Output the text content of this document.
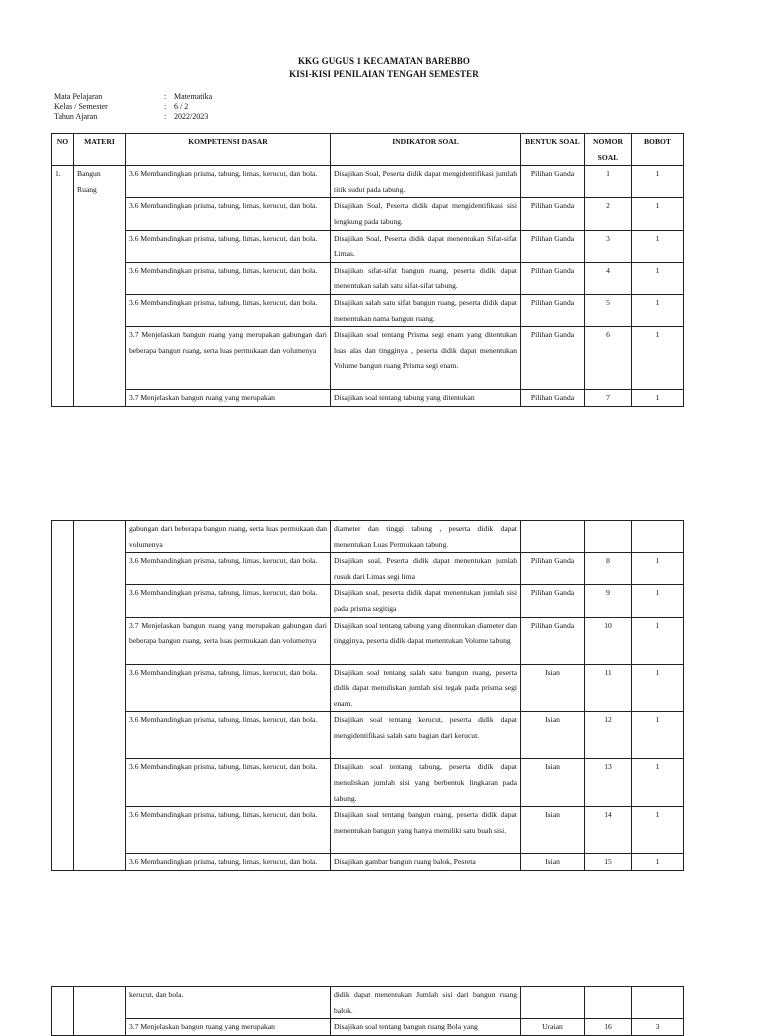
KKG GUGUS 1 KECAMATAN BAREBBO
KISI-KISI PENILAIAN TENGAH SEMESTER
Mata Pelajaran	: Matematika
Kelas / Semester	: 6 / 2
Tahun Ajaran	: 2022/2023
NO	MATERI	KOMPETENSI DASAR	INDIKATOR SOAL	BENTUK SOAL	NOMOR SOAL	BOBOT
1.	Bangun Ruang	3.6 Membandingkan prisma, tabung, limas, kerucut, dan bola.	Disajikan Soal, Peserta didik dapat mengidentifikasi jumlah titik sudut pada tabung.	Pilihan Ganda	1	1
		3.6 Membandingkan prisma, tabung, limas, kerucut, dan bola.	Disajikan Soal, Peserta didik dapat mengidentifikasi sisi lengkung pada tabung.	Pilihan Ganda	2	1
		3.6 Membandingkan prisma, tabung, limas, kerucut, dan bola.	Disajikan Soal, Peserta didik dapat menentukan Sifat-sifat Limas.	Pilihan Ganda	3	1
		3.6 Membandingkan prisma, tabung, limas, kerucut, dan bola.	Disajikan sifat-sifat bangun ruang, peserta didik dapat menentukan salah satu sifat-sifat tabung.	Pilihan Ganda	4	1
		3.6 Membandingkan prisma, tabung, limas, kerucut, dan bola.	Disajikan salah satu sifat bangun ruang, peserta didik dapat menentukan nama bangun ruang.	Pilihan Ganda	5	1
		3.7 Menjelaskan bangun ruang yang merupakan gabungan dari beberapa bangun ruang, serta luas permukaan dan volumenya	Disajikan soal tentang Prisma segi enam yang ditentukan luas alas dan tingginya , peserta didik dapat menentukan Volume bangun ruang Prisma segi enam.	Pilihan Ganda	6	1
		3.7 Menjelaskan bangun ruang yang merupakan	Disajikan soal tentang tabung yang ditentukan	Pilihan Ganda	7	1
		gabungan dari beberapa bangun ruang, serta luas permukaan dan volumenya	diameter dan tinggi tabung , peserta didik dapat menentukan Luas Permukaan tabung.			
		3.6 Membandingkan prisma, tabung, limas, kerucut, dan bola.	Disajikan soal, Peserta didik dapat menentukan jumlah rusuk dari Limas segi lima	Pilihan Ganda	8	1
		3.6 Membandingkan prisma, tabung, limas, kerucut, dan bola.	Disajikan soal, peserta didik dapat menentukan jumlah sisi pada prisma segitiga	Pilihan Ganda	9	1
		3.7 Menjelaskan bangun ruang yang merupakan gabungan dari beberapa bangun ruang, serta luas permukaan dan volumenya	Disajikan soal tentang tabung yang ditentukan diameter dan tingginya, peserta didik dapat menentukan Volume tabung	Pilihan Ganda	10	1
		3.6 Membandingkan prisma, tabung, limas, kerucut, dan bola.	Disajikan soal tentang salah satu bangun ruang, peserta didik dapat menuliskan jumlah sisi tegak pada prisma segi enam.	Isian	11	1
		3.6 Membandingkan prisma, tabung, limas, kerucut, dan bola.	Disajikan soal tentang kerucut, peserta didik dapat mengidentifikasi salah satu bagian dari kerucut.	Isian	12	1
		3.6 Membandingkan prisma, tabung, limas, kerucut, dan bola.	Disajikan soal tentang tabung, peserta didik dapat menuliskan jumlah sisi yang berbentuk lingkaran pada tabung.	Isian	13	1
		3.6 Membandingkan prisma, tabung, limas, kerucut, dan bola.	Disajikan soal tentang bangun ruang, peserta didik dapat menentukan bangun yang hanya memiliki satu buah sisi.	Isian	14	1
		3.6 Membandingkan prisma, tabung, limas, kerucut, dan bola.	Disajikan gambar bangun ruang balok, Pesreta	Isian	15	1
		kerucut, dan bola.	didik dapat menentukan Jumlah sisi dari bangun ruang balok.			
		3.7 Menjelaskan bangun ruang yang merupakan	Disajikan soal tentang bangun ruang Bola yang	Uraian	16	3
